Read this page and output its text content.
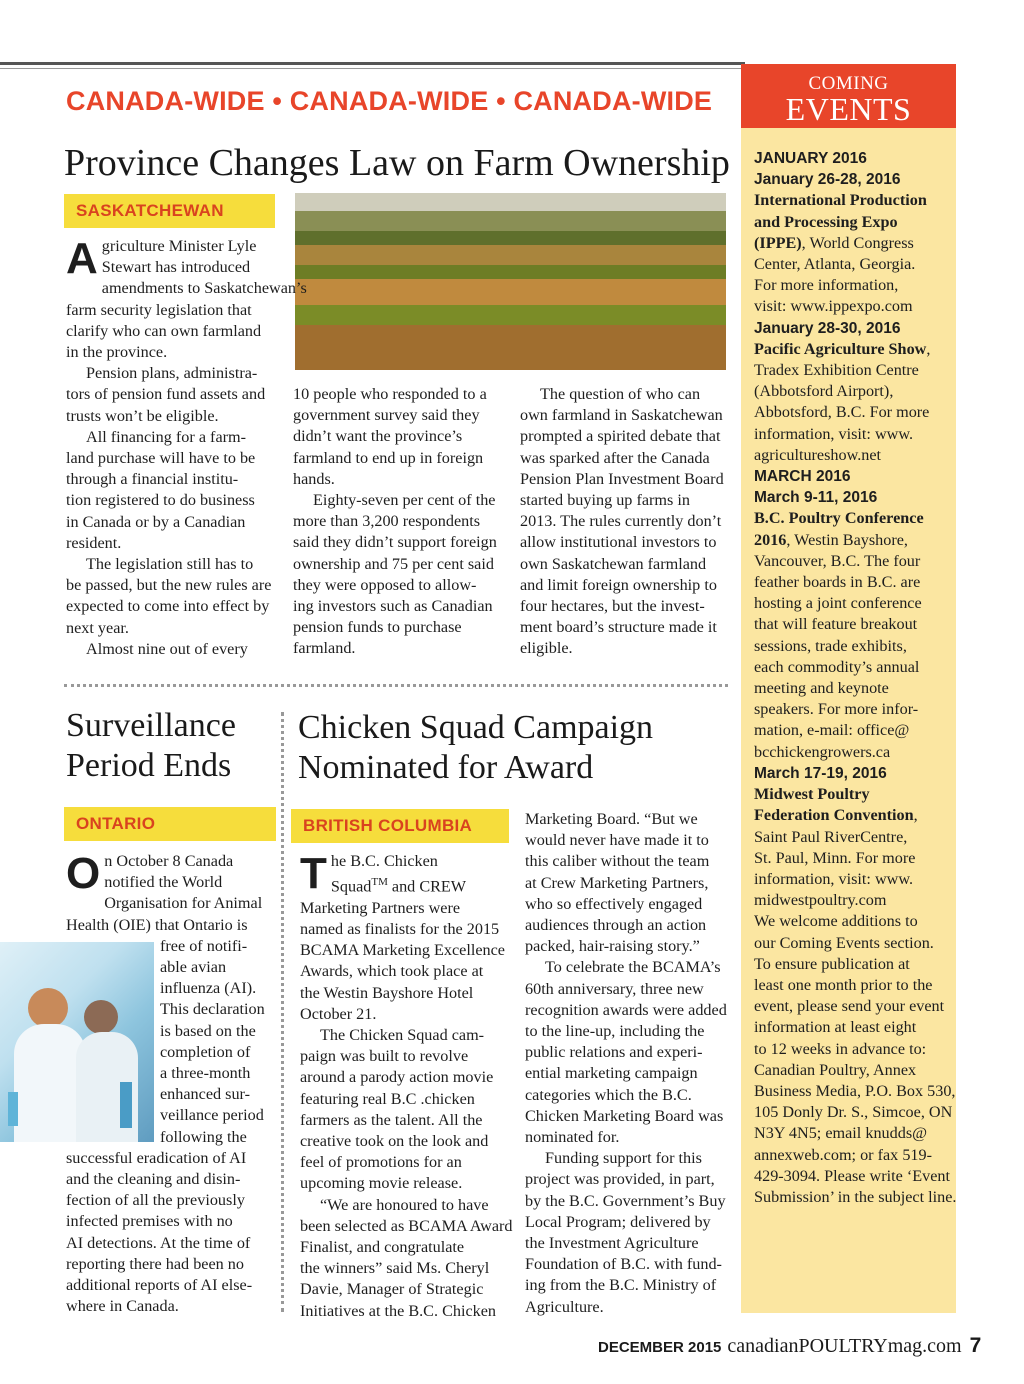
CANADA-WIDE • CANADA-WIDE • CANADA-WIDE
Province Changes Law on Farm Ownership
SASKATCHEWAN

Agriculture Minister Lyle

Stewart has introduced

amendments to Saskatchewan’s

farm security legislation that

clarify who can own farmland

in the province.

Pension plans, administra-

tors of pension fund assets and

trusts won’t be eligible.

All financing for a farm-

land purchase will have to be

through a financial institu-

tion registered to do business

in Canada or by a Canadian

resident.

The legislation still has to

be passed, but the new rules are

expected to come into effect by

next year.

Almost nine out of every

10 people who responded to a

government survey said they

didn’t want the province’s

farmland to end up in foreign

hands.

Eighty-seven per cent of the

more than 3,200 respondents

said they didn’t support foreign

ownership and 75 per cent said

they were opposed to allow-

ing investors such as Canadian

pension funds to purchase

farmland.

The question of who can

own farmland in Saskatchewan

prompted a spirited debate that

was sparked after the Canada

Pension Plan Investment Board

started buying up farms in

2013. The rules currently don’t

allow institutional investors to

own Saskatchewan farmland

and limit foreign ownership to

four hectares, but the invest-

ment board’s structure made it

eligible.

Surveillance
Period Ends
ONTARIO

On October 8 Canada

notified the World

Organisation for Animal

Health (OIE) that Ontario is

free of notifi-

able avian

influenza (AI).

This declaration

is based on the

completion of

a three-month

enhanced sur-

veillance period

following the

successful eradication of AI

and the cleaning and disin-

fection of all the previously

infected premises with no

AI detections. At the time of

reporting there had been no

additional reports of AI else-

where in Canada.

Chicken Squad Campaign
Nominated for Award
BRITISH COLUMBIA

The B.C. Chicken

Squad™ and CREW

Marketing Partners were

named as finalists for the 2015

BCAMA Marketing Excellence

Awards, which took place at

the Westin Bayshore Hotel

October 21.

The Chicken Squad cam-

paign was built to revolve

around a parody action movie

featuring real B.C .chicken

farmers as the talent. All the

creative took on the look and

feel of promotions for an

upcoming movie release.

“We are honoured to have

been selected as BCAMA Award

Finalist, and congratulate

the winners” said Ms. Cheryl

Davie, Manager of Strategic

Initiatives at the B.C. Chicken

Marketing Board. “But we

would never have made it to

this caliber without the team

at Crew Marketing Partners,

who so effectively engaged

audiences through an action

packed, hair-raising story.”

To celebrate the BCAMA’s

60th anniversary, three new

recognition awards were added

to the line-up, including the

public relations and experi-

ential marketing campaign

categories which the B.C.

Chicken Marketing Board was

nominated for.

Funding support for this

project was provided, in part,

by the B.C. Government’s Buy

Local Program; delivered by

the Investment Agriculture

Foundation of B.C. with fund-

ing from the B.C. Ministry of

Agriculture.

COMING
EVENTS

JANUARY 2016

January 26-28, 2016

International Production

and Processing Expo

(IPPE), World Congress

Center, Atlanta, Georgia.

For more information,

visit: www.ippexpo.com

January 28-30, 2016

Pacific Agriculture Show,

Tradex Exhibition Centre

(Abbotsford Airport),

Abbotsford, B.C. For more

information, visit: www.

agricultureshow.net

MARCH 2016

March 9-11, 2016

B.C. Poultry Conference

2016, Westin Bayshore,

Vancouver, B.C. The four

feather boards in B.C. are

hosting a joint conference

that will feature breakout

sessions, trade exhibits,

each commodity’s annual

meeting and keynote

speakers. For more infor-

mation, e-mail: office@

bcchickengrowers.ca

March 17-19, 2016

Midwest Poultry

Federation Convention,

Saint Paul RiverCentre,

St. Paul, Minn. For more

information, visit: www.

midwestpoultry.com

We welcome additions to

our Coming Events section.

To ensure publication at

least one month prior to the

event, please send your event

information at least eight

to 12 weeks in advance to:

Canadian Poultry, Annex

Business Media, P.O. Box 530,

105 Donly Dr. S., Simcoe, ON

N3Y 4N5; email knudds@

annexweb.com; or fax 519-

429-3094. Please write ‘Event

Submission’ in the subject line.

DECEMBER 2015 canadianPOULTRYmag.com 7
